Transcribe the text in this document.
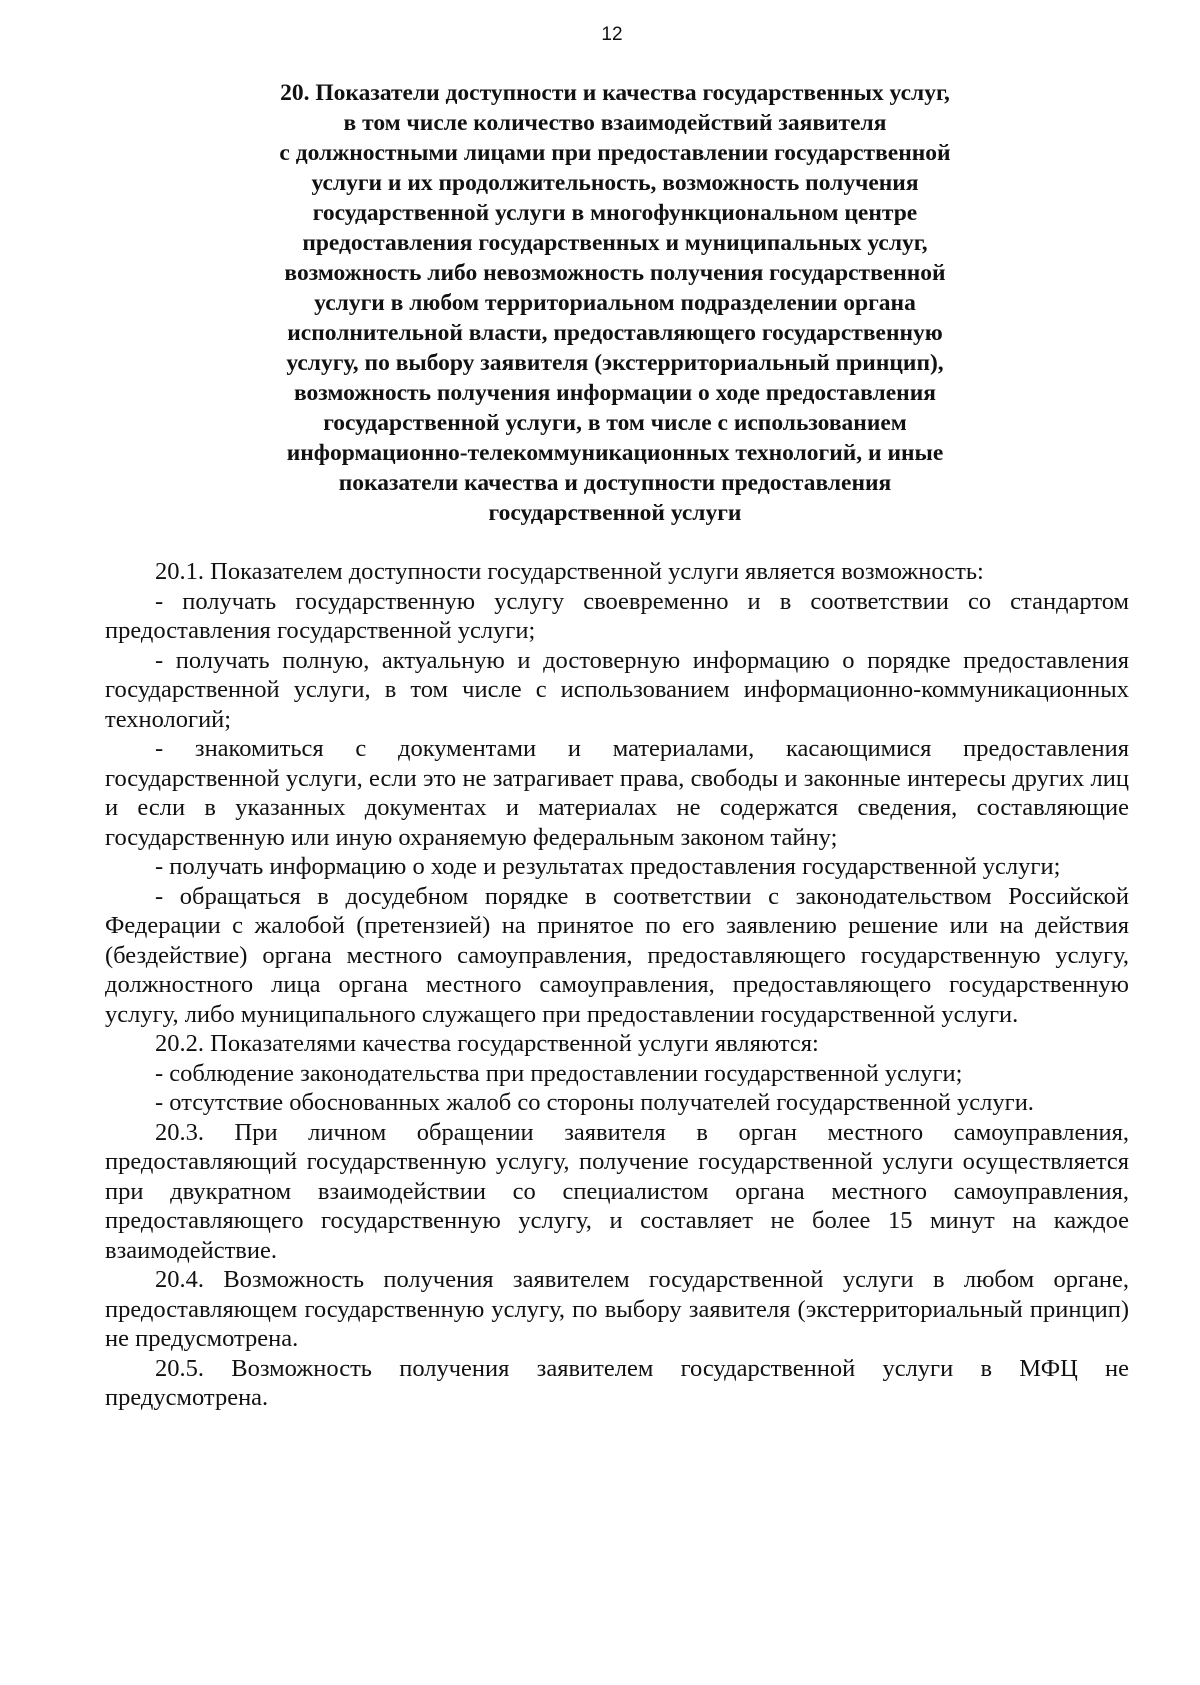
12
20. Показатели доступности и качества государственных услуг,
в том числе количество взаимодействий заявителя
с должностными лицами при предоставлении государственной
услуги и их продолжительность, возможность получения
государственной услуги в многофункциональном центре
предоставления государственных и муниципальных услуг,
возможность либо невозможность получения государственной
услуги в любом территориальном подразделении органа
исполнительной власти, предоставляющего государственную
услугу, по выбору заявителя (экстерриториальный принцип),
возможность получения информации о ходе предоставления
государственной услуги, в том числе с использованием
информационно-телекоммуникационных технологий, и иные
показатели качества и доступности предоставления
государственной услуги

20.1. Показателем доступности государственной услуги является возможность:

- получать государственную услугу своевременно и в соответствии со стандартом предоставления государственной услуги;

- получать полную, актуальную и достоверную информацию о порядке предоставления государственной услуги, в том числе с использованием информационно-коммуникационных технологий;

- знакомиться с документами и материалами, касающимися предоставления государственной услуги, если это не затрагивает права, свободы и законные интересы других лиц и если в указанных документах и материалах не содержатся сведения, составляющие государственную или иную охраняемую федеральным законом тайну;

- получать информацию о ходе и результатах предоставления государственной услуги;

- обращаться в досудебном порядке в соответствии с законодательством Российской Федерации с жалобой (претензией) на принятое по его заявлению решение или на действия (бездействие) органа местного самоуправления, предоставляющего государственную услугу, должностного лица органа местного самоуправления, предоставляющего государственную услугу, либо муниципального служащего при предоставлении государственной услуги.

20.2. Показателями качества государственной услуги являются:

- соблюдение законодательства при предоставлении государственной услуги;

- отсутствие обоснованных жалоб со стороны получателей государственной услуги.

20.3. При личном обращении заявителя в орган местного самоуправления, предоставляющий государственную услугу, получение государственной услуги осуществляется при двукратном взаимодействии со специалистом органа местного самоуправления, предоставляющего государственную услугу, и составляет не более 15 минут на каждое взаимодействие.

20.4. Возможность получения заявителем государственной услуги в любом органе, предоставляющем государственную услугу, по выбору заявителя (экстерриториальный принцип) не предусмотрена.

20.5. Возможность получения заявителем государственной услуги в МФЦ не предусмотрена.
